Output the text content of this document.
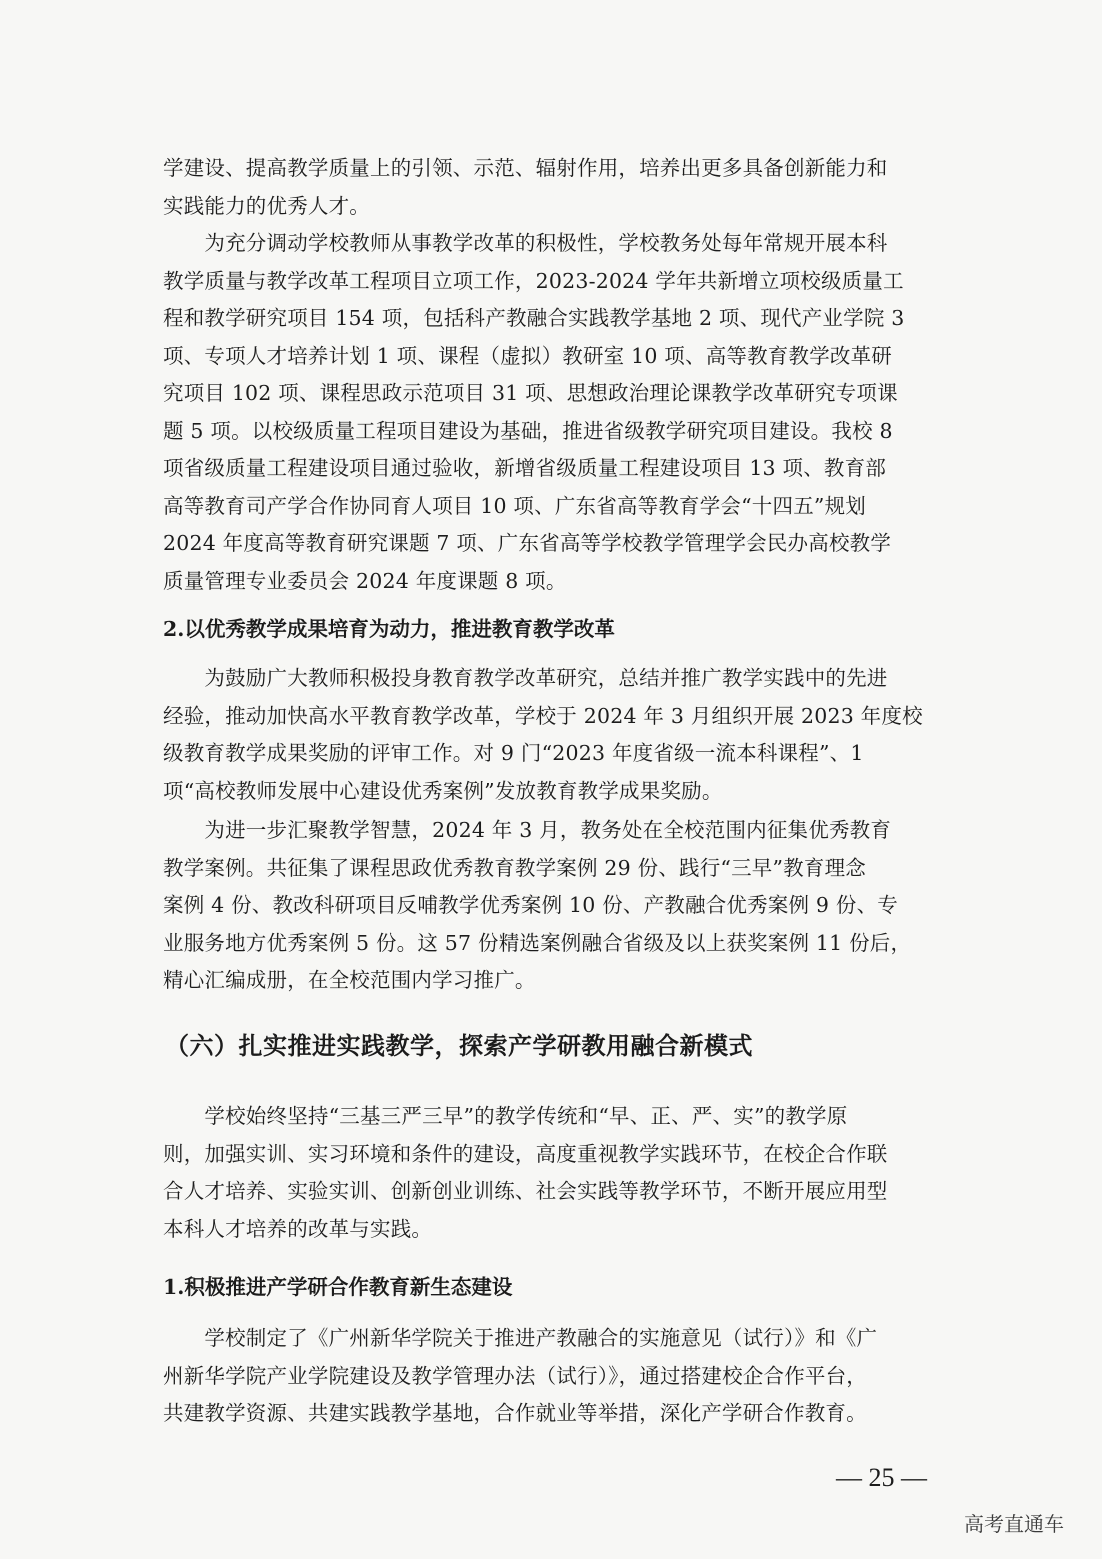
学建设、提高教学质量上的引领、示范、辐射作用，培养出更多具备创新能力和
实践能力的优秀人才。
　　为充分调动学校教师从事教学改革的积极性，学校教务处每年常规开展本科
教学质量与教学改革工程项目立项工作，2023-2024 学年共新增立项校级质量工
程和教学研究项目 154 项，包括科产教融合实践教学基地 2 项、现代产业学院 3
项、专项人才培养计划 1 项、课程（虚拟）教研室 10 项、高等教育教学改革研
究项目 102 项、课程思政示范项目 31 项、思想政治理论课教学改革研究专项课
题 5 项。以校级质量工程项目建设为基础，推进省级教学研究项目建设。我校 8
项省级质量工程建设项目通过验收，新增省级质量工程建设项目 13 项、教育部
高等教育司产学合作协同育人项目 10 项、广东省高等教育学会“十四五”规划
2024 年度高等教育研究课题 7 项、广东省高等学校教学管理学会民办高校教学
质量管理专业委员会 2024 年度课题 8 项。
2.以优秀教学成果培育为动力，推进教育教学改革
　　为鼓励广大教师积极投身教育教学改革研究，总结并推广教学实践中的先进
经验，推动加快高水平教育教学改革，学校于 2024 年 3 月组织开展 2023 年度校
级教育教学成果奖励的评审工作。对 9 门“2023 年度省级一流本科课程”、1
项“高校教师发展中心建设优秀案例”发放教育教学成果奖励。
　　为进一步汇聚教学智慧，2024 年 3 月，教务处在全校范围内征集优秀教育
教学案例。共征集了课程思政优秀教育教学案例 29 份、践行“三早”教育理念
案例 4 份、教改科研项目反哺教学优秀案例 10 份、产教融合优秀案例 9 份、专
业服务地方优秀案例 5 份。这 57 份精选案例融合省级及以上获奖案例 11 份后，
精心汇编成册，在全校范围内学习推广。
（六）扎实推进实践教学，探索产学研教用融合新模式
　　学校始终坚持“三基三严三早”的教学传统和“早、正、严、实”的教学原
则，加强实训、实习环境和条件的建设，高度重视教学实践环节，在校企合作联
合人才培养、实验实训、创新创业训练、社会实践等教学环节，不断开展应用型
本科人才培养的改革与实践。
1.积极推进产学研合作教育新生态建设
　　学校制定了《广州新华学院关于推进产教融合的实施意见（试行）》和《广
州新华学院产业学院建设及教学管理办法（试行）》，通过搭建校企合作平台，
共建教学资源、共建实践教学基地，合作就业等举措，深化产学研合作教育。
— 25 —
高考直通车
